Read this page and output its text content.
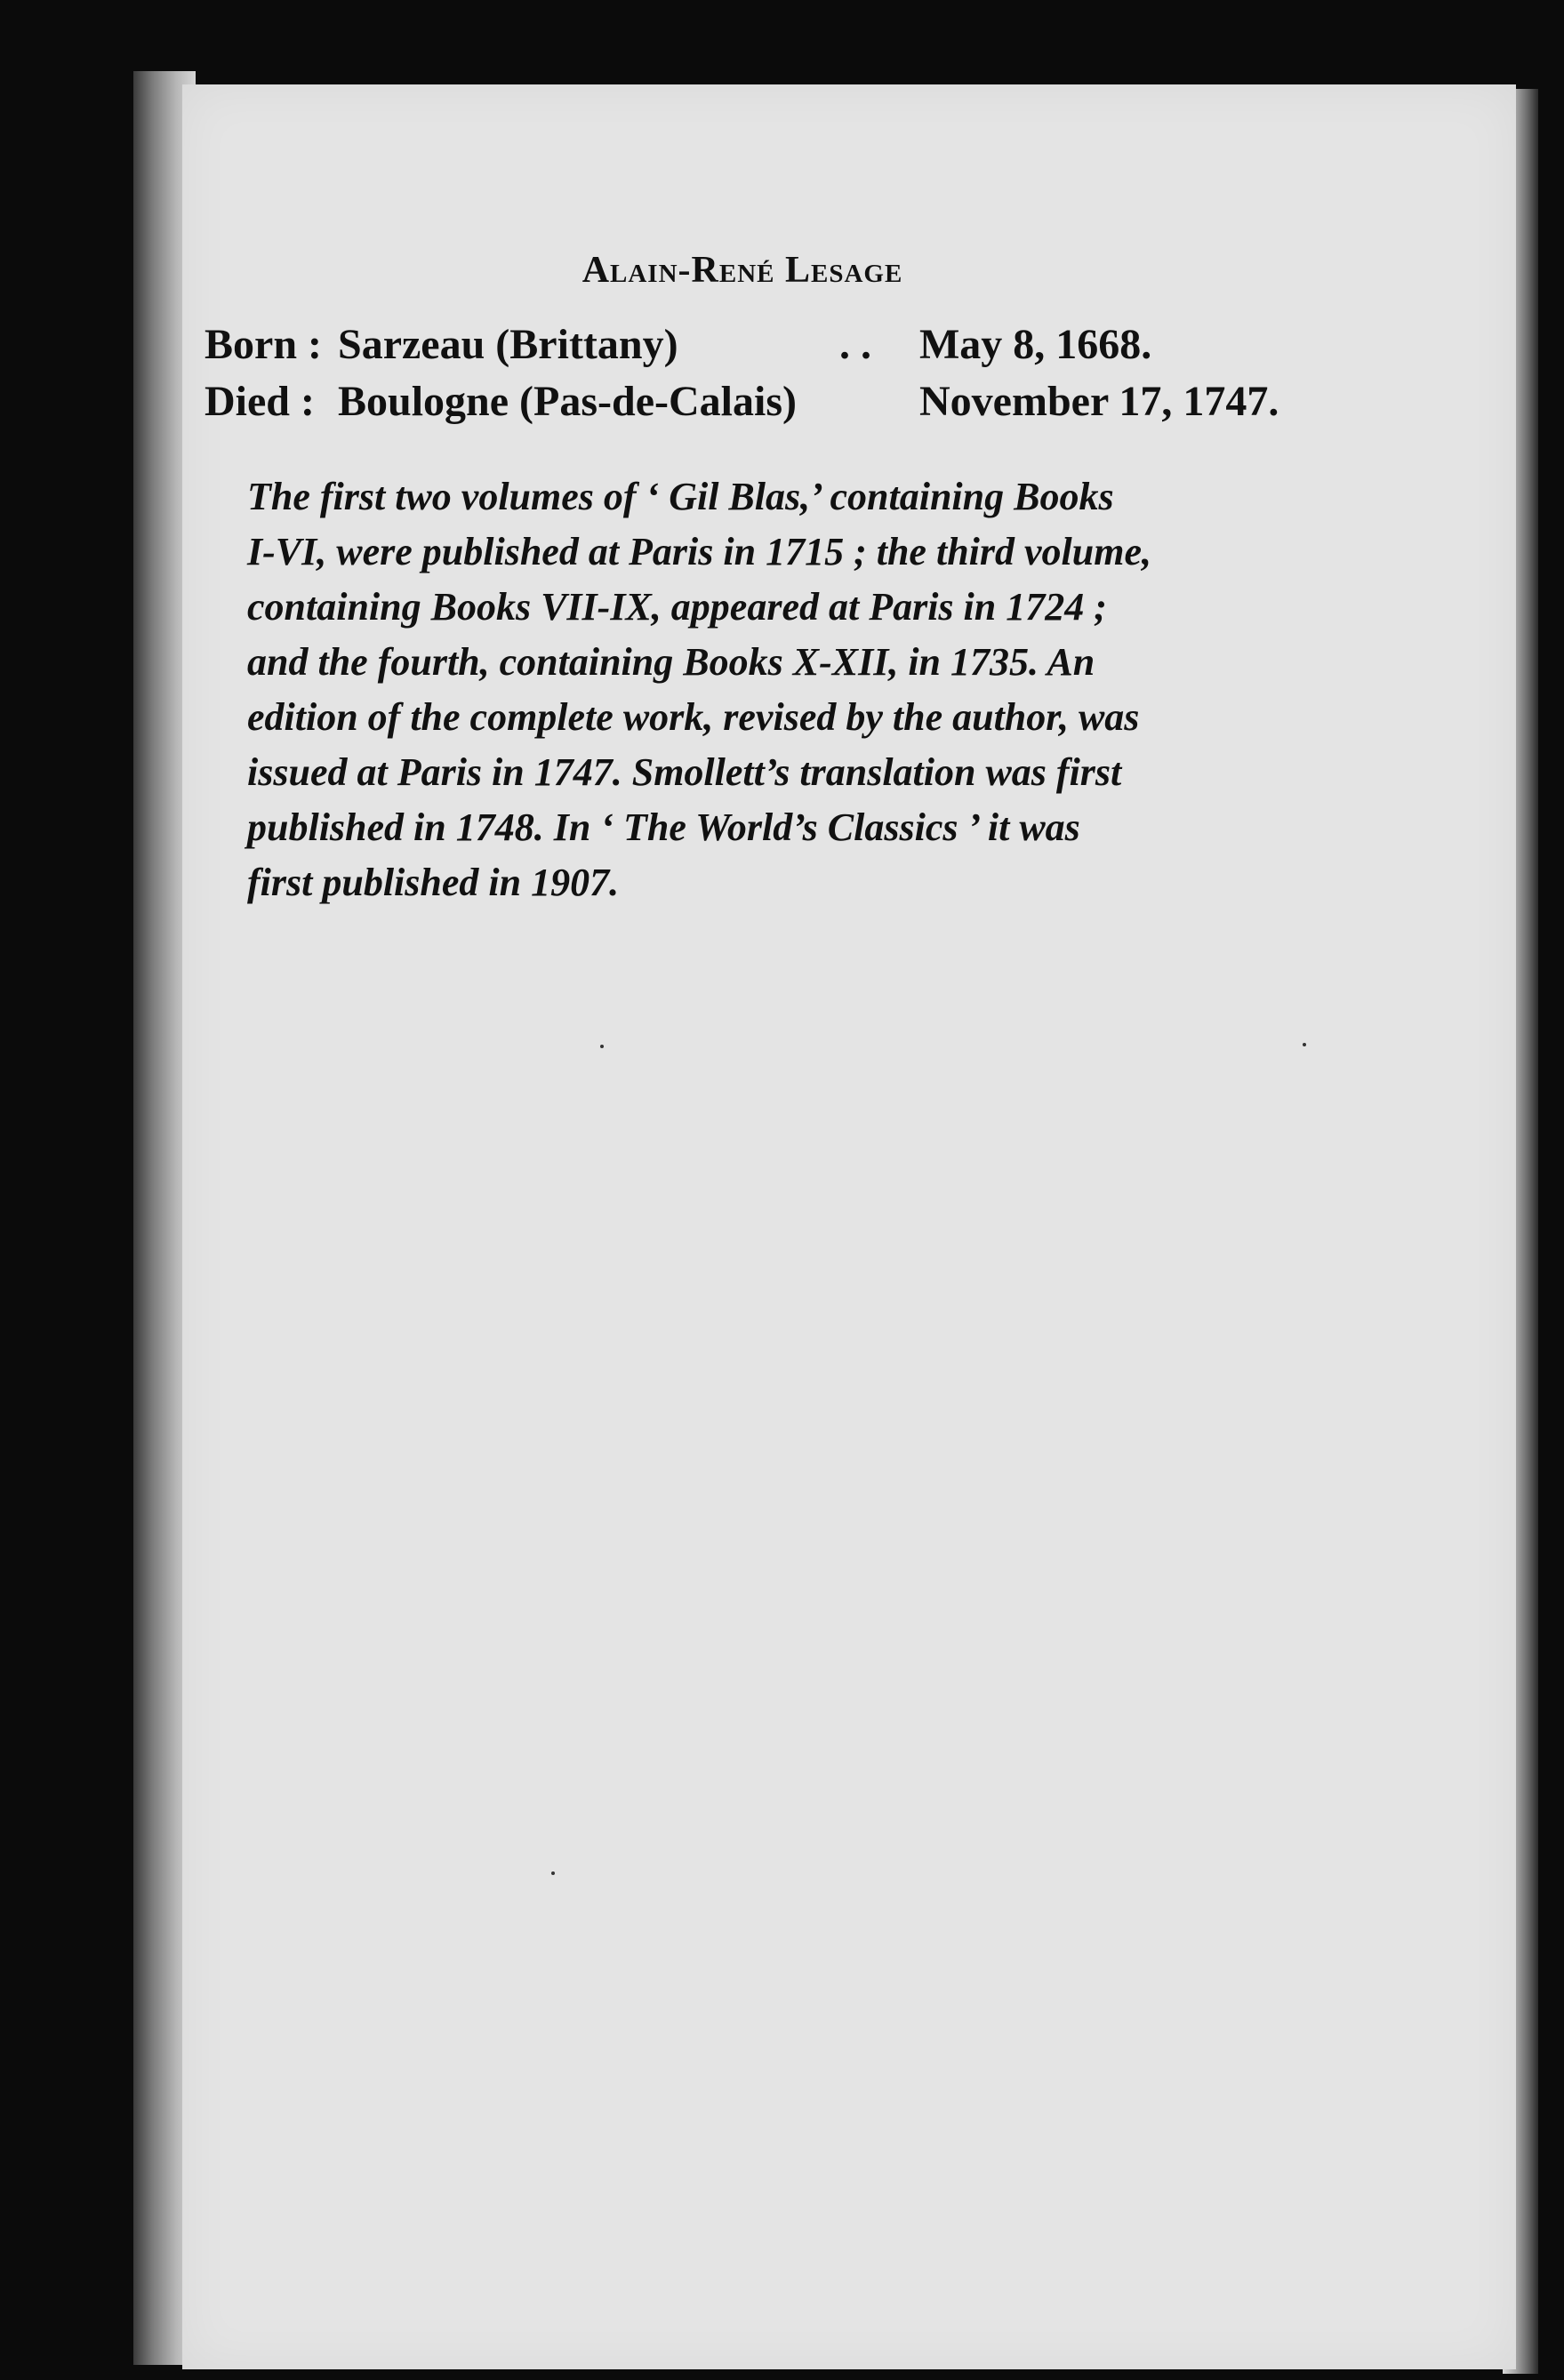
Alain-René Lesage
Born : Sarzeau (Brittany)	. .	May 8, 1668.
Died : Boulogne (Pas-de-Calais)	November 17, 1747.
The first two volumes of ‘ Gil Blas,’ containing Books
I-VI, were published at Paris in 1715 ; the third volume,
containing Books VII-IX, appeared at Paris in 1724 ;
and the fourth, containing Books X-XII, in 1735. An
edition of the complete work, revised by the author, was
issued at Paris in 1747. Smollett’s translation was first
published in 1748. In ‘ The World’s Classics ’ it was
first published in 1907.
